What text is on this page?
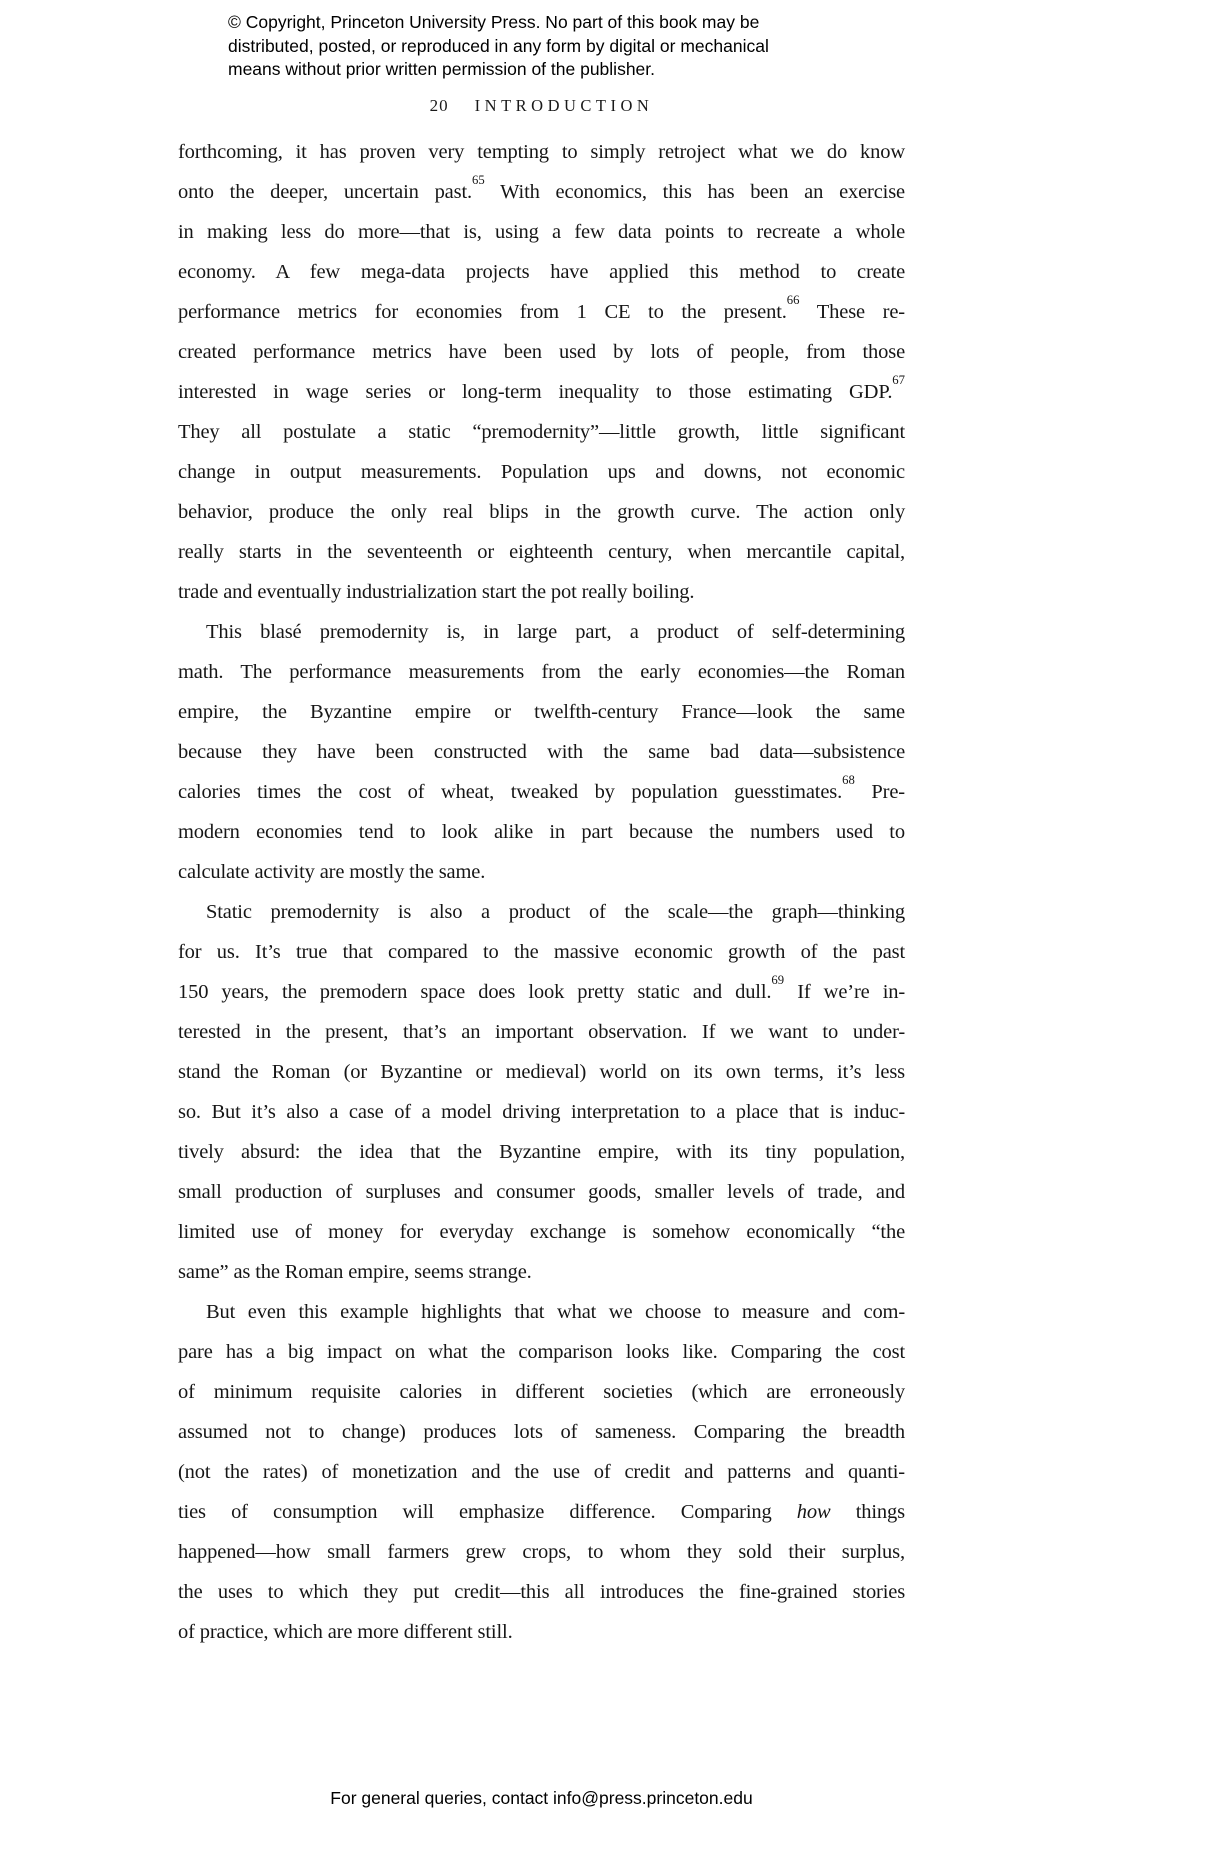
© Copyright, Princeton University Press. No part of this book may be
distributed, posted, or reproduced in any form by digital or mechanical
means without prior written permission of the publisher.
20 INTRODUCTION
forthcoming, it has proven very tempting to simply retroject what we do know
onto the deeper, uncertain past.$^{65}$ With economics, this has been an exercise
in making less do more—that is, using a few data points to recreate a whole
economy. A few mega-data projects have applied this method to create
performance metrics for economies from 1 CE to the present.$^{66}$ These re-
created performance metrics have been used by lots of people, from those
interested in wage series or long-term inequality to those estimating GDP.$^{67}$
They all postulate a static “premodernity”—little growth, little significant
change in output measurements. Population ups and downs, not economic
behavior, produce the only real blips in the growth curve. The action only
really starts in the seventeenth or eighteenth century, when mercantile capital,
trade and eventually industrialization start the pot really boiling.
This blasé premodernity is, in large part, a product of self-determining
math. The performance measurements from the early economies—the Roman
empire, the Byzantine empire or twelfth-century France—look the same
because they have been constructed with the same bad data—subsistence
calories times the cost of wheat, tweaked by population guesstimates.$^{68}$ Pre-
modern economies tend to look alike in part because the numbers used to
calculate activity are mostly the same.
Static premodernity is also a product of the scale—the graph—thinking
for us. It’s true that compared to the massive economic growth of the past
150 years, the premodern space does look pretty static and dull.$^{69}$ If we’re in-
terested in the present, that’s an important observation. If we want to under-
stand the Roman (or Byzantine or medieval) world on its own terms, it’s less
so. But it’s also a case of a model driving interpretation to a place that is induc-
tively absurd: the idea that the Byzantine empire, with its tiny population,
small production of surpluses and consumer goods, smaller levels of trade, and
limited use of money for everyday exchange is somehow economically “the
same” as the Roman empire, seems strange.
But even this example highlights that what we choose to measure and com-
pare has a big impact on what the comparison looks like. Comparing the cost
of minimum requisite calories in different societies (which are erroneously
assumed not to change) produces lots of sameness. Comparing the breadth
(not the rates) of monetization and the use of credit and patterns and quanti-
ties of consumption will emphasize difference. Comparing how things
happened—how small farmers grew crops, to whom they sold their surplus,
the uses to which they put credit—this all introduces the fine-grained stories
of practice, which are more different still.
For general queries, contact info@press.princeton.edu
